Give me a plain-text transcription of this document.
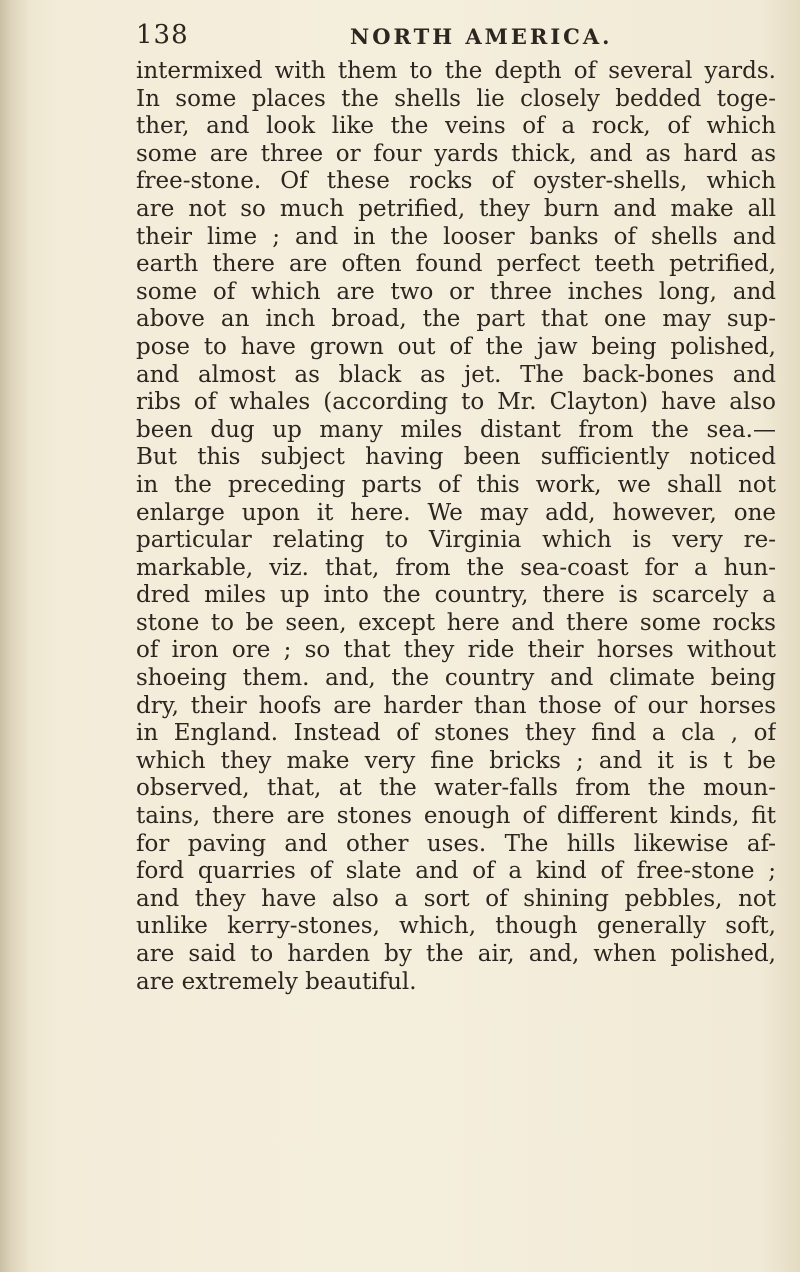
138	NORTH AMERICA.
intermixed with them to the depth of several yards.
In some places the shells lie closely bedded toge-
ther, and look like the veins of a rock, of which
some are three or four yards thick, and as hard as
free-stone. Of these rocks of oyster-shells, which
are not so much petrified, they burn and make all
their lime ; and in the looser banks of shells and
earth there are often found perfect teeth petrified,
some of which are two or three inches long, and
above an inch broad, the part that one may sup-
pose to have grown out of the jaw being polished,
and almost as black as jet. The back-bones and
ribs of whales (according to Mr. Clayton) have also
been dug up many miles distant from the sea.—
But this subject having been sufficiently noticed
in the preceding parts of this work, we shall not
enlarge upon it here. We may add, however, one
particular relating to Virginia which is very re-
markable, viz. that, from the sea-coast for a hun-
dred miles up into the country, there is scarcely a
stone to be seen, except here and there some rocks
of iron ore ; so that they ride their horses without
shoeing them. and, the country and climate being
dry, their hoofs are harder than those of our horses
in England. Instead of stones they find a cla , of
which they make very fine bricks ; and it is t be
observed, that, at the water-falls from the moun-
tains, there are stones enough of different kinds, fit
for paving and other uses. The hills likewise af-
ford quarries of slate and of a kind of free-stone ;
and they have also a sort of shining pebbles, not
unlike kerry-stones, which, though generally soft,
are said to harden by the air, and, when polished,
are extremely beautiful.
